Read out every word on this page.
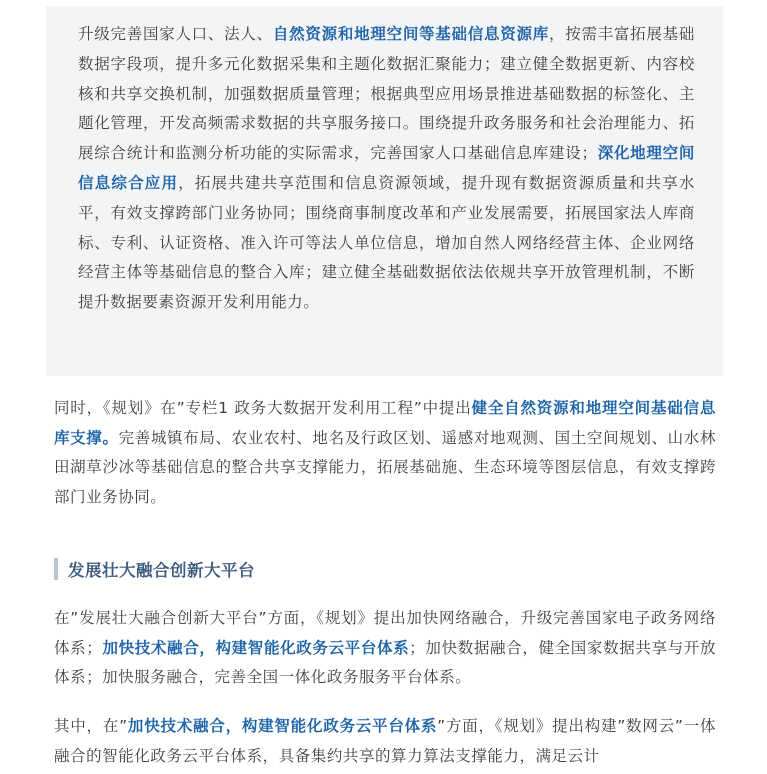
升级完善国家人口、法人、自然资源和地理空间等基础信息资源库，按需丰富拓展基础数据字段项，提升多元化数据采集和主题化数据汇聚能力；建立健全数据更新、内容校核和共享交换机制，加强数据质量管理；根据典型应用场景推进基础数据的标签化、主题化管理，开发高频需求数据的共享服务接口。围绕提升政务服务和社会治理能力、拓展综合统计和监测分析功能的实际需求，完善国家人口基础信息库建设；深化地理空间信息综合应用，拓展共建共享范围和信息资源领域，提升现有数据资源质量和共享水平，有效支撑跨部门业务协同；围绕商事制度改革和产业发展需要，拓展国家法人库商标、专利、认证资格、准入许可等法人单位信息，增加自然人网络经营主体、企业网络经营主体等基础信息的整合入库；建立健全基础数据依法依规共享开放管理机制，不断提升数据要素资源开发利用能力。

同时，《规划》在”专栏1 政务大数据开发利用工程”中提出健全自然资源和地理空间基础信息库支撑。完善城镇布局、农业农村、地名及行政区划、遥感对地观测、国土空间规划、山水林田湖草沙冰等基础信息的整合共享支撑能力，拓展基础施、生态环境等图层信息，有效支撑跨部门业务协同。

发展壮大融合创新大平台

在”发展壮大融合创新大平台”方面，《规划》提出加快网络融合，升级完善国家电子政务网络体系；加快技术融合，构建智能化政务云平台体系；加快数据融合，健全国家数据共享与开放体系；加快服务融合，完善全国一体化政务服务平台体系。

其中，在”加快技术融合，构建智能化政务云平台体系”方面，《规划》提出构建”数网云”一体融合的智能化政务云平台体系，具备集约共享的算力算法支撑能力，满足云计
